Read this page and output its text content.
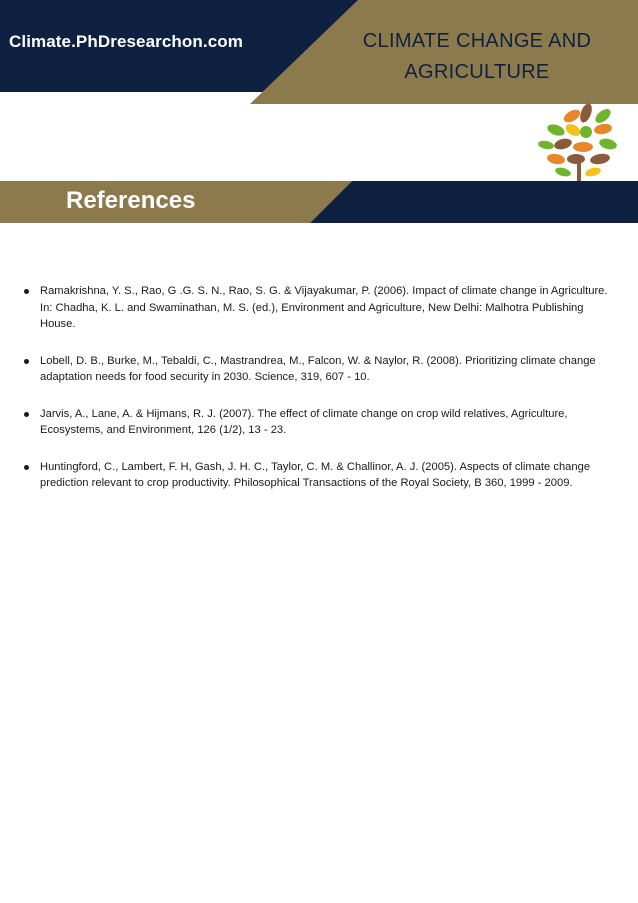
Climate.PhDresearchon.com	CLIMATE CHANGE AND AGRICULTURE
References
Ramakrishna, Y. S., Rao, G .G. S. N., Rao, S. G. & Vijayakumar, P. (2006). Impact of climate change in Agriculture. In: Chadha, K. L. and Swaminathan, M. S. (ed.), Environment and Agriculture, New Delhi: Malhotra Publishing House.
Lobell, D. B., Burke, M., Tebaldi, C., Mastrandrea, M., Falcon, W. & Naylor, R. (2008). Prioritizing climate change adaptation needs for food security in 2030. Science, 319, 607 - 10.
Jarvis, A., Lane, A. & Hijmans, R. J. (2007). The effect of climate change on crop wild relatives, Agriculture, Ecosystems, and Environment, 126 (1/2), 13 - 23.
Huntingford, C., Lambert, F. H, Gash, J. H. C., Taylor, C. M. & Challinor, A. J. (2005). Aspects of climate change prediction relevant to crop productivity. Philosophical Transactions of the Royal Society, B 360, 1999 - 2009.
